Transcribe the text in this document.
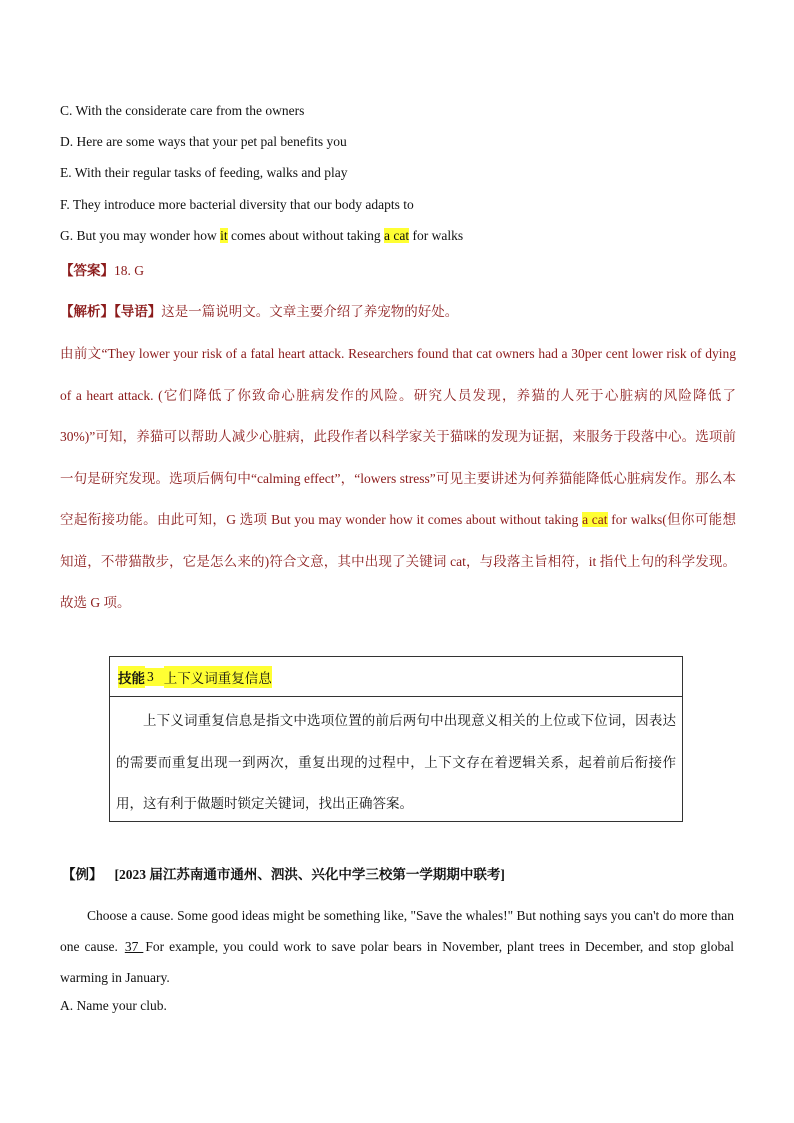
C. With the considerate care from the owners
D. Here are some ways that your pet pal benefits you
E. With their regular tasks of feeding, walks and play
F. They introduce more bacterial diversity that our body adapts to
G. But you may wonder how it comes about without taking a cat for walks
【答案】18. G
【解析】【导语】这是一篇说明文。文章主要介绍了养宠物的好处。
由前文“They lower your risk of a fatal heart attack. Researchers found that cat owners had a 30per cent lower risk of dying of a heart attack. (它们降低了你致命心脏病发作的风险。研究人员发现，养猫的人死于心脏病的风险降低了 30%)”可知，养猫可以帮助人减少心脏病，此段作者以科学家关于猫咪的发现为证据，来服务于段落中心。选项前一句是研究发现。选项后俩句中“calming effect”，“lowers stress”可见主要讲述为何养猫能降低心脏病发作。那么本空起衔接功能。由此可知，G 选项 But you may wonder how it comes about without taking a cat for walks(但你可能想知道，不带猫散步，它是怎么来的)符合文意，其中出现了关键词 cat，与段落主旨相符，it 指代上句的科学发现。故选 G 项。
技能 3 上下义词重复信息
上下义词重复信息是指文中选项位置的前后两句中出现意义相关的上位或下位词，因表达的需要而重复出现一到两次，重复出现的过程中，上下文存在着逻辑关系，起着前后衔接作用，这有利于做题时锁定关键词，找出正确答案。
【例】 [2023 届江苏南通市通州、泗洪、兴化中学三校第一学期期中联考]
Choose a cause. Some good ideas might be something like, "Save the whales!" But nothing says you can't do more than one cause. 37 For example, you could work to save polar bears in November, plant trees in December, and stop global warming in January.
A. Name your club.
